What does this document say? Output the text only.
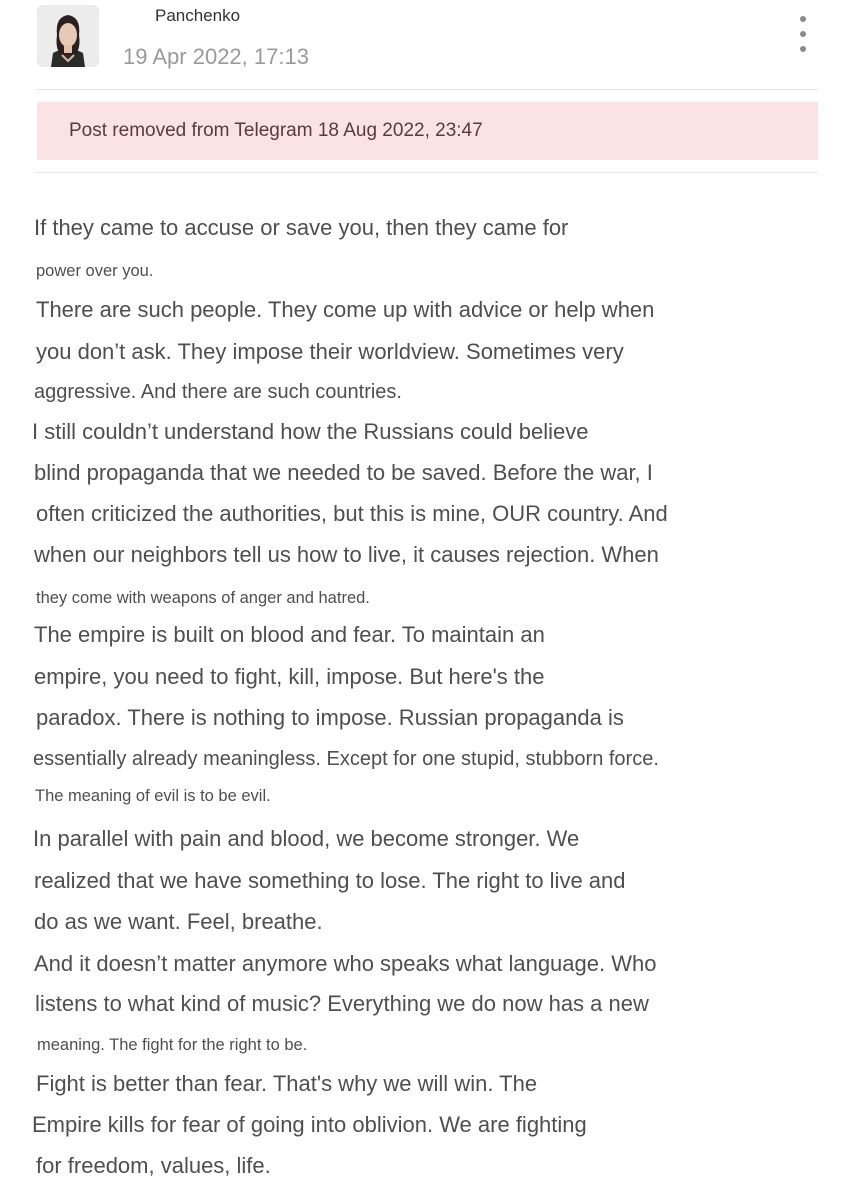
Panchenko
19 Apr 2022, 17:13
Post removed from Telegram 18 Aug 2022, 23:47
If they came to accuse or save you, then they came for
power over you.
There are such people. They come up with advice or help when
you don’t ask. They impose their worldview. Sometimes very
aggressive. And there are such countries.
I still couldn’t understand how the Russians could believe
blind propaganda that we needed to be saved. Before the war, I
often criticized the authorities, but this is mine, OUR country. And
when our neighbors tell us how to live, it causes rejection. When
they come with weapons of anger and hatred.
The empire is built on blood and fear. To maintain an
empire, you need to fight, kill, impose. But here's the
paradox. There is nothing to impose. Russian propaganda is
essentially already meaningless. Except for one stupid, stubborn force.
The meaning of evil is to be evil.
In parallel with pain and blood, we become stronger. We
realized that we have something to lose. The right to live and
do as we want. Feel, breathe.
And it doesn’t matter anymore who speaks what language. Who
listens to what kind of music? Everything we do now has a new
meaning. The fight for the right to be.
Fight is better than fear. That's why we will win. The
Empire kills for fear of going into oblivion. We are fighting
for freedom, values, life.
